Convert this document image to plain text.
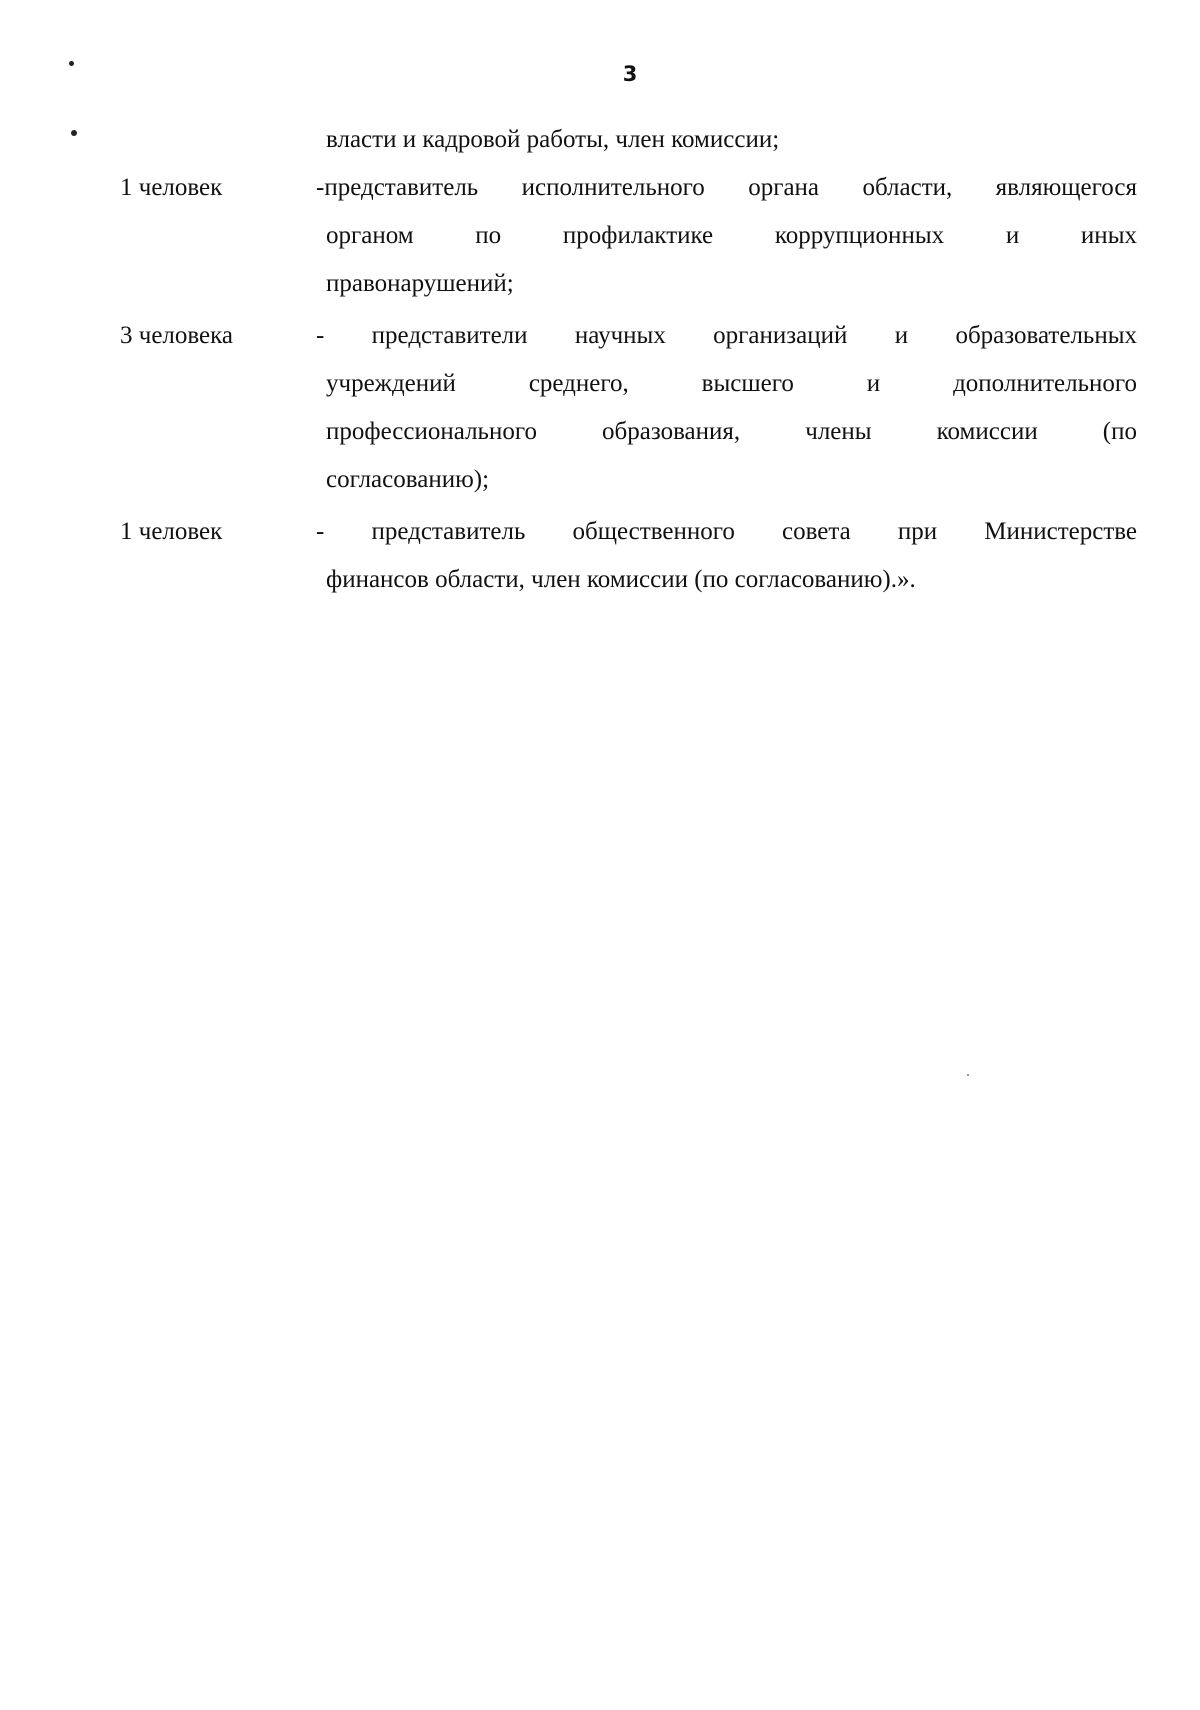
3
власти и кадровой работы, член комиссии;
1 человек	-представитель исполнительного органа области, являющегося
органом по профилактике коррупционных и иных
правонарушений;
3 человека	- представители научных организаций и образовательных
учреждений среднего, высшего и дополнительного
профессионального образования, члены комиссии (по
согласованию);
1 человек	- представитель общественного совета при Министерстве
финансов области, член комиссии (по согласованию).».
